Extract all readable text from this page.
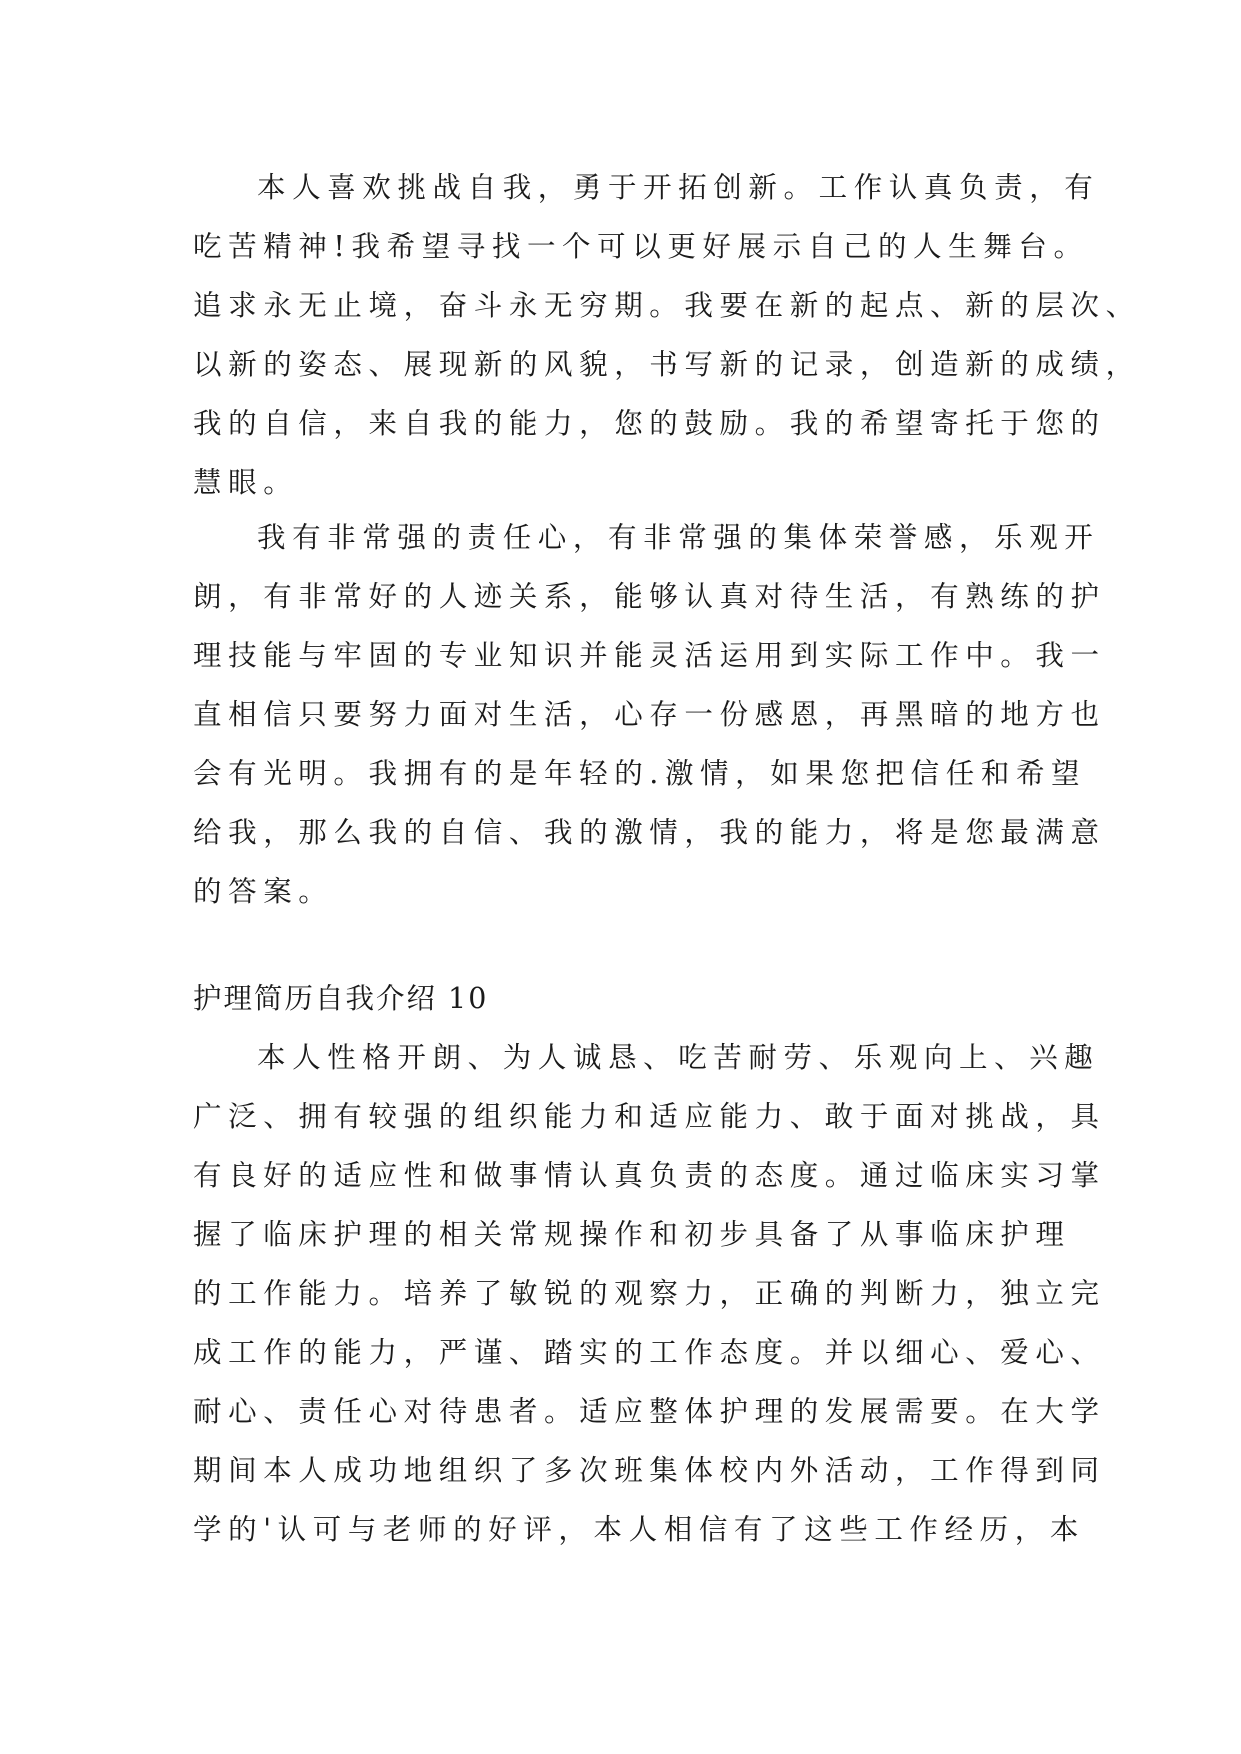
本人喜欢挑战自我，勇于开拓创新。工作认真负责，有
吃苦精神!我希望寻找一个可以更好展示自己的人生舞台。
追求永无止境，奋斗永无穷期。我要在新的起点、新的层次、
以新的姿态、展现新的风貌，书写新的记录，创造新的成绩，
我的自信，来自我的能力，您的鼓励。我的希望寄托于您的
慧眼。
我有非常强的责任心，有非常强的集体荣誉感，乐观开
朗，有非常好的人迹关系，能够认真对待生活，有熟练的护
理技能与牢固的专业知识并能灵活运用到实际工作中。我一
直相信只要努力面对生活，心存一份感恩，再黑暗的地方也
会有光明。我拥有的是年轻的.激情，如果您把信任和希望
给我，那么我的自信、我的激情，我的能力，将是您最满意
的答案。
护理简历自我介绍 10
本人性格开朗、为人诚恳、吃苦耐劳、乐观向上、兴趣
广泛、拥有较强的组织能力和适应能力、敢于面对挑战，具
有良好的适应性和做事情认真负责的态度。通过临床实习掌
握了临床护理的相关常规操作和初步具备了从事临床护理
的工作能力。培养了敏锐的观察力，正确的判断力，独立完
成工作的能力，严谨、踏实的工作态度。并以细心、爱心、
耐心、责任心对待患者。适应整体护理的发展需要。在大学
期间本人成功地组织了多次班集体校内外活动，工作得到同
学的'认可与老师的好评，本人相信有了这些工作经历，本
